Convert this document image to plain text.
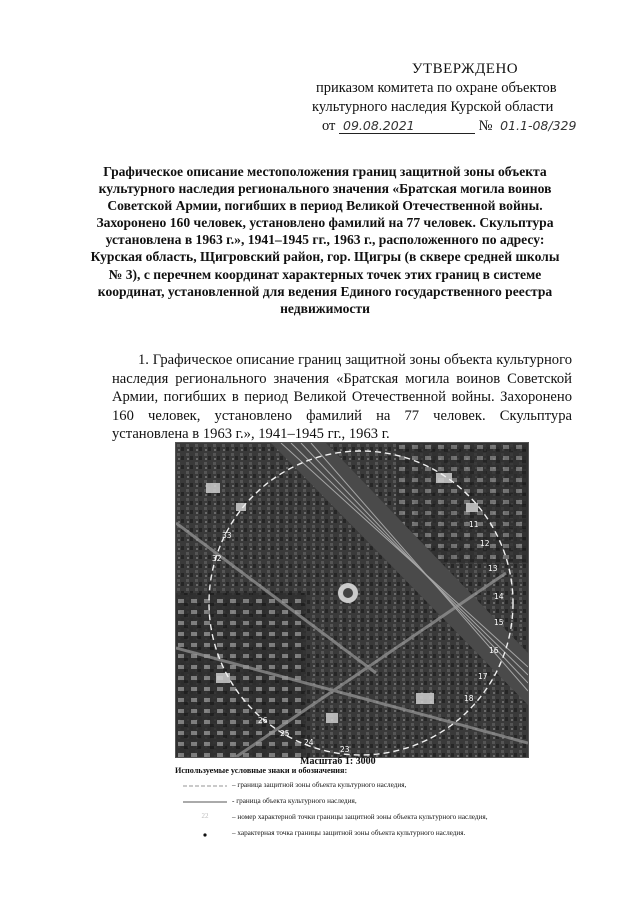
УТВЕРЖДЕНО
приказом комитета по охране объектов
культурного наследия Курской области
от 09.08.2021	№ 01.1-08/329
Графическое описание местоположения границ защитной зоны объекта культурного наследия регионального значения «Братская могила воинов Советской Армии, погибших в период Великой Отечественной войны. Захоронено 160 человек, установлено фамилий на 77 человек. Скульптура установлена в 1963 г.», 1941–1945 гг., 1963 г., расположенного по адресу: Курская область, Щигровский район, гор. Щигры (в сквере средней школы № 3), с перечнем координат характерных точек этих границ в системе координат, установленной для ведения Единого государственного реестра недвижимости
1. Графическое описание границ защитной зоны объекта культурного наследия регионального значения «Братская могила воинов Советской Армии, погибших в период Великой Отечественной войны. Захоронено 160 человек, установлено фамилий на 77 человек. Скульптура установлена в 1963 г.», 1941–1945 гг., 1963 г.
11
12
13
14
15
16
17
18
23
24
25
26
32
33
Масштаб 1: 3000
Используемые условные знаки и обозначения:
– граница защитной зоны объекта культурного наследия,
- граница объекта культурного наследия,
22	– номер характерной точки границы защитной зоны объекта культурного наследия,
– характерная точка границы защитной зоны объекта культурного наследия.
